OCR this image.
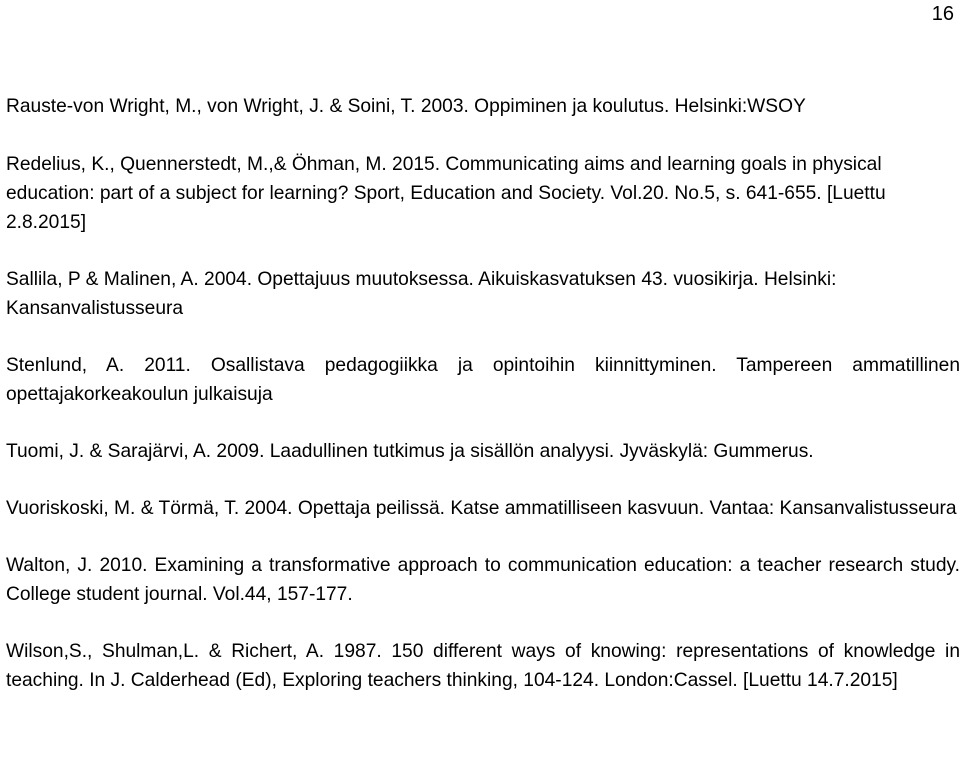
16

Rauste-von Wright, M., von Wright, J. & Soini, T. 2003. Oppiminen ja koulutus. Helsinki:WSOY

Redelius, K., Quennerstedt, M.,& Öhman, M. 2015. Communicating aims and learning goals in physical education: part of a subject for learning? Sport, Education and Society. Vol.20. No.5, s. 641-655. [Luettu 2.8.2015]

Sallila, P & Malinen, A. 2004. Opettajuus muutoksessa. Aikuiskasvatuksen 43. vuosikirja. Helsinki: Kansanvalistusseura

Stenlund, A. 2011. Osallistava pedagogiikka ja opintoihin kiinnittyminen. Tampereen ammatillinen opettajakorkeakoulun julkaisuja

Tuomi, J. & Sarajärvi, A. 2009. Laadullinen tutkimus ja sisällön analyysi. Jyväskylä: Gummerus.

Vuoriskoski, M. & Törmä, T. 2004. Opettaja peilissä. Katse ammatilliseen kasvuun. Vantaa: Kansanvalistusseura

Walton, J. 2010. Examining a transformative approach to communication education: a teacher research study. College student journal. Vol.44, 157-177.

Wilson,S., Shulman,L. & Richert, A. 1987. 150 different ways of knowing: representations of knowledge in teaching. In J. Calderhead (Ed), Exploring teachers thinking, 104-124. London:Cassel. [Luettu 14.7.2015]
